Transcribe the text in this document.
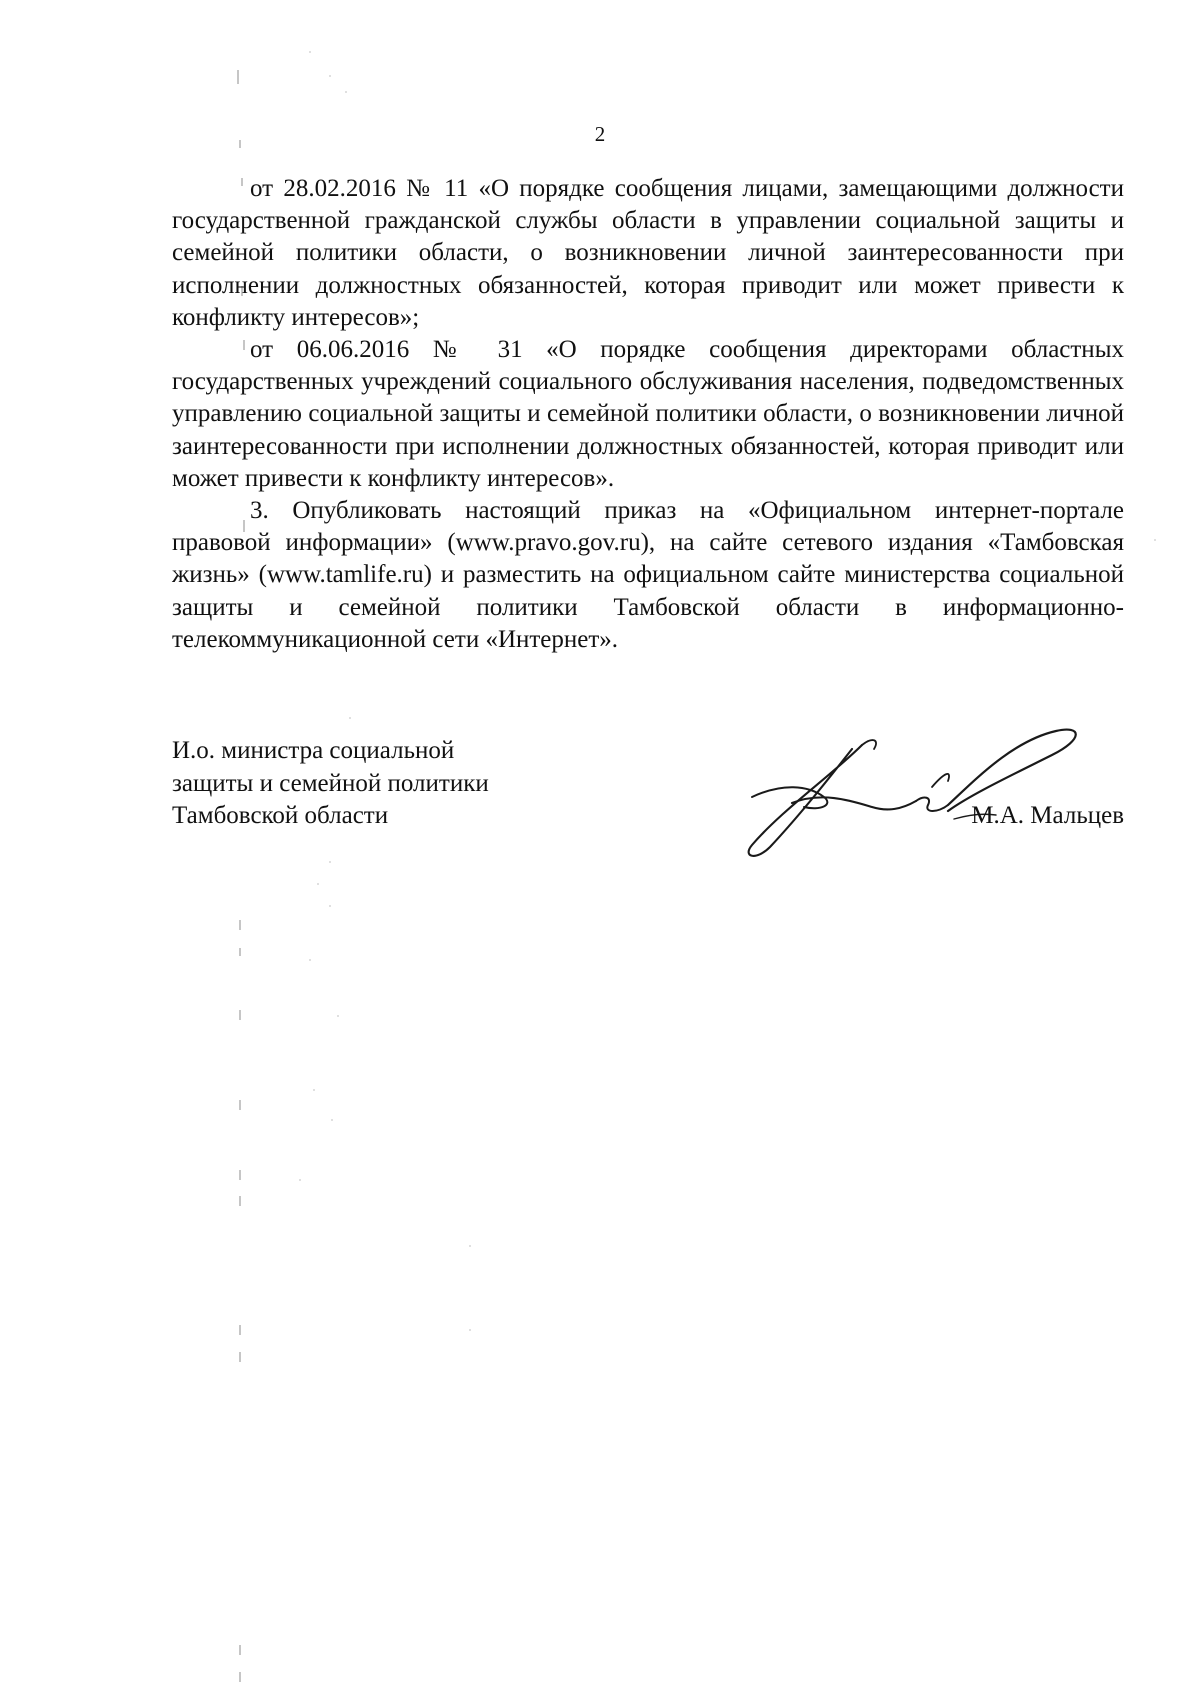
2

от 28.02.2016 № 11 «О порядке сообщения лицами, замещающими должности государственной гражданской службы области в управлении социальной защиты и семейной политики области, о возникновении личной заинтересованности при исполнении должностных обязанностей, которая приводит или может привести к конфликту интересов»;

от 06.06.2016 № 31 «О порядке сообщения директорами областных государственных учреждений социального обслуживания населения, подведомственных управлению социальной защиты и семейной политики области, о возникновении личной заинтересованности при исполнении должностных обязанностей, которая приводит или может привести к конфликту интересов».

3. Опубликовать настоящий приказ на «Официальном интернет-портале правовой информации» (www.pravo.gov.ru), на сайте сетевого издания «Тамбовская жизнь» (www.tamlife.ru) и разместить на официальном сайте министерства социальной защиты и семейной политики Тамбовской области в информационно-телекоммуникационной сети «Интернет».

И.о. министра социальной
защиты и семейной политики
Тамбовской области	М.А. Мальцев
